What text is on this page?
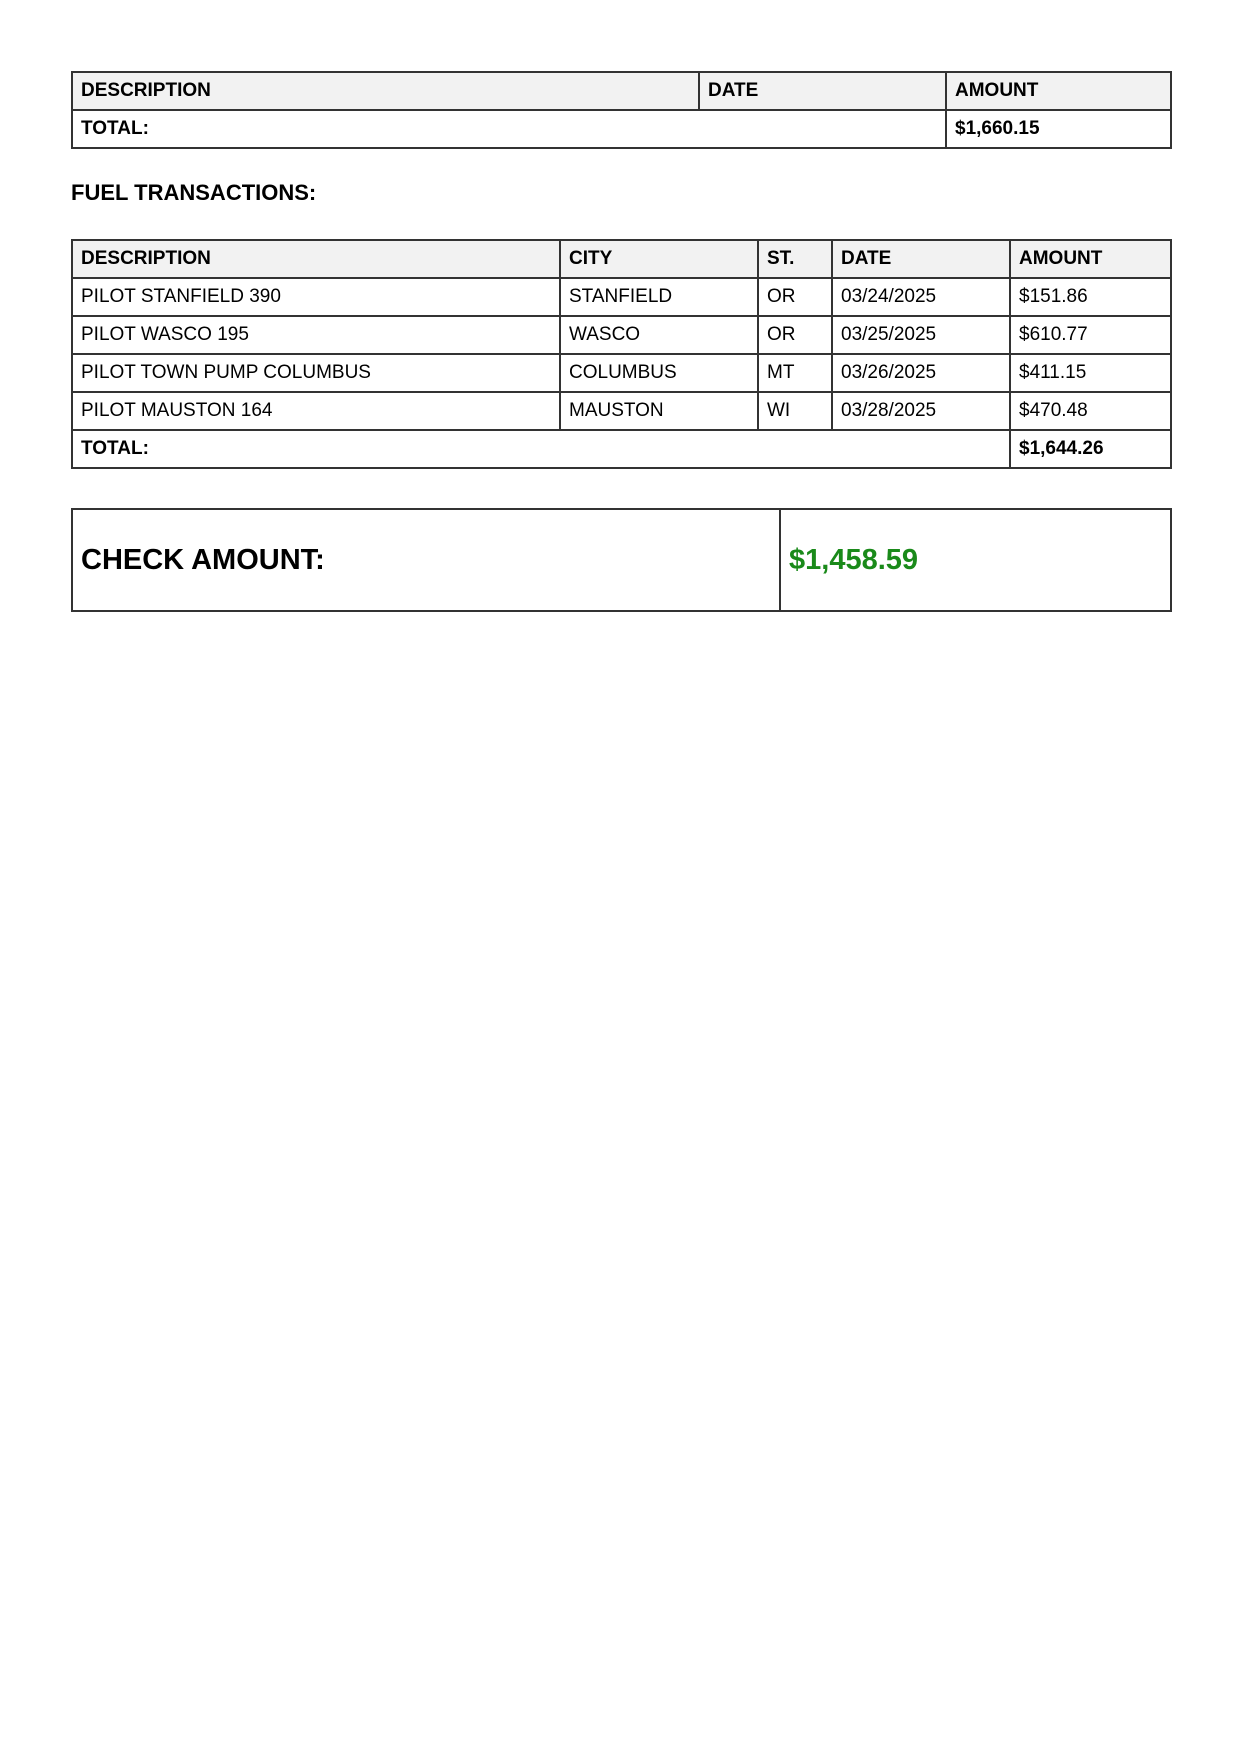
DESCRIPTION	DATE	AMOUNT
TOTAL:		$1,660.15
FUEL TRANSACTIONS:
DESCRIPTION	CITY	ST.	DATE	AMOUNT
PILOT STANFIELD 390	STANFIELD	OR	03/24/2025	$151.86
PILOT WASCO 195	WASCO	OR	03/25/2025	$610.77
PILOT TOWN PUMP COLUMBUS	COLUMBUS	MT	03/26/2025	$411.15
PILOT MAUSTON 164	MAUSTON	WI	03/28/2025	$470.48
TOTAL:				$1,644.26
CHECK AMOUNT:	$1,458.59
